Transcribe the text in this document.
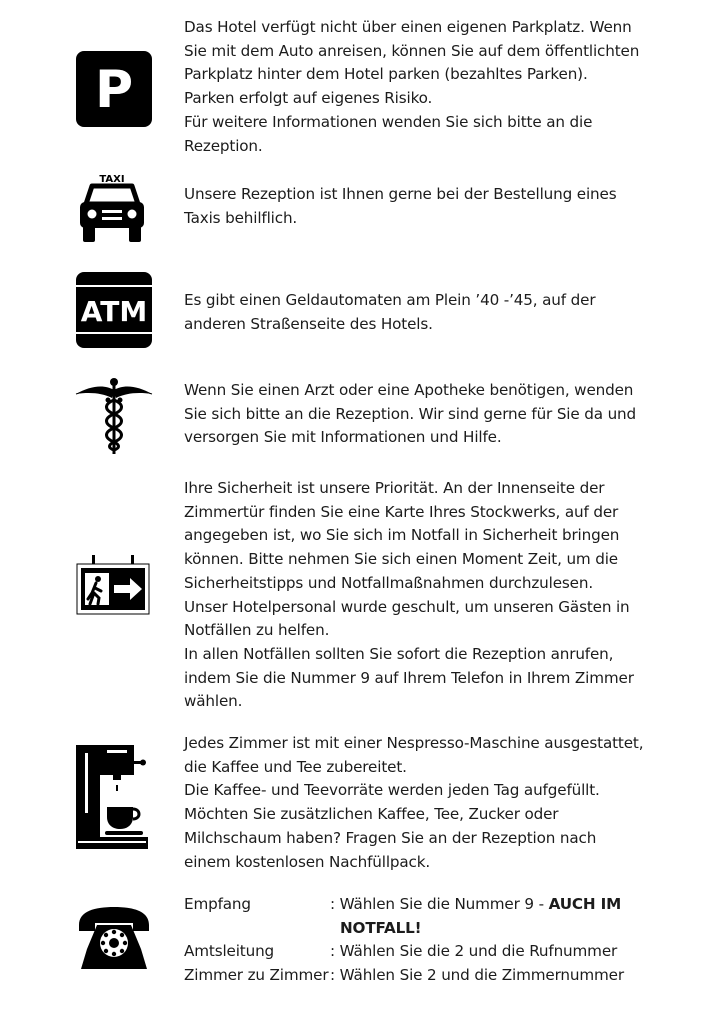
P
TAXI
ATM

Das Hotel verfügt nicht über einen eigenen Parkplatz. Wenn

Sie mit dem Auto anreisen, können Sie auf dem öffentlichten

Parkplatz hinter dem Hotel parken (bezahltes Parken).

Parken erfolgt auf eigenes Risiko.

Für weitere Informationen wenden Sie sich bitte an die

Rezeption.

Unsere Rezeption ist Ihnen gerne bei der Bestellung eines

Taxis behilflich.

Es gibt einen Geldautomaten am Plein ’40 -’45, auf der

anderen Straßenseite des Hotels.

Wenn Sie einen Arzt oder eine Apotheke benötigen, wenden

Sie sich bitte an die Rezeption. Wir sind gerne für Sie da und

versorgen Sie mit Informationen und Hilfe.

Ihre Sicherheit ist unsere Priorität. An der Innenseite der

Zimmertür finden Sie eine Karte Ihres Stockwerks, auf der

angegeben ist, wo Sie sich im Notfall in Sicherheit bringen

können. Bitte nehmen Sie sich einen Moment Zeit, um die

Sicherheitstipps und Notfallmaßnahmen durchzulesen.

Unser Hotelpersonal wurde geschult, um unseren Gästen in

Notfällen zu helfen.

In allen Notfällen sollten Sie sofort die Rezeption anrufen,

indem Sie die Nummer 9 auf Ihrem Telefon in Ihrem Zimmer

wählen.

Jedes Zimmer ist mit einer Nespresso-Maschine ausgestattet,

die Kaffee und Tee zubereitet.

Die Kaffee- und Teevorräte werden jeden Tag aufgefüllt.

Möchten Sie zusätzlichen Kaffee, Tee, Zucker oder

Milchschaum haben? Fragen Sie an der Rezeption nach

einem kostenlosen Nachfüllpack.

Empfang	: Wählen Sie die Nummer 9 - AUCH IM
NOTFALL!
Amtsleitung	: Wählen Sie die 2 und die Rufnummer
Zimmer zu Zimmer : Wählen Sie 2 und die Zimmernummer
